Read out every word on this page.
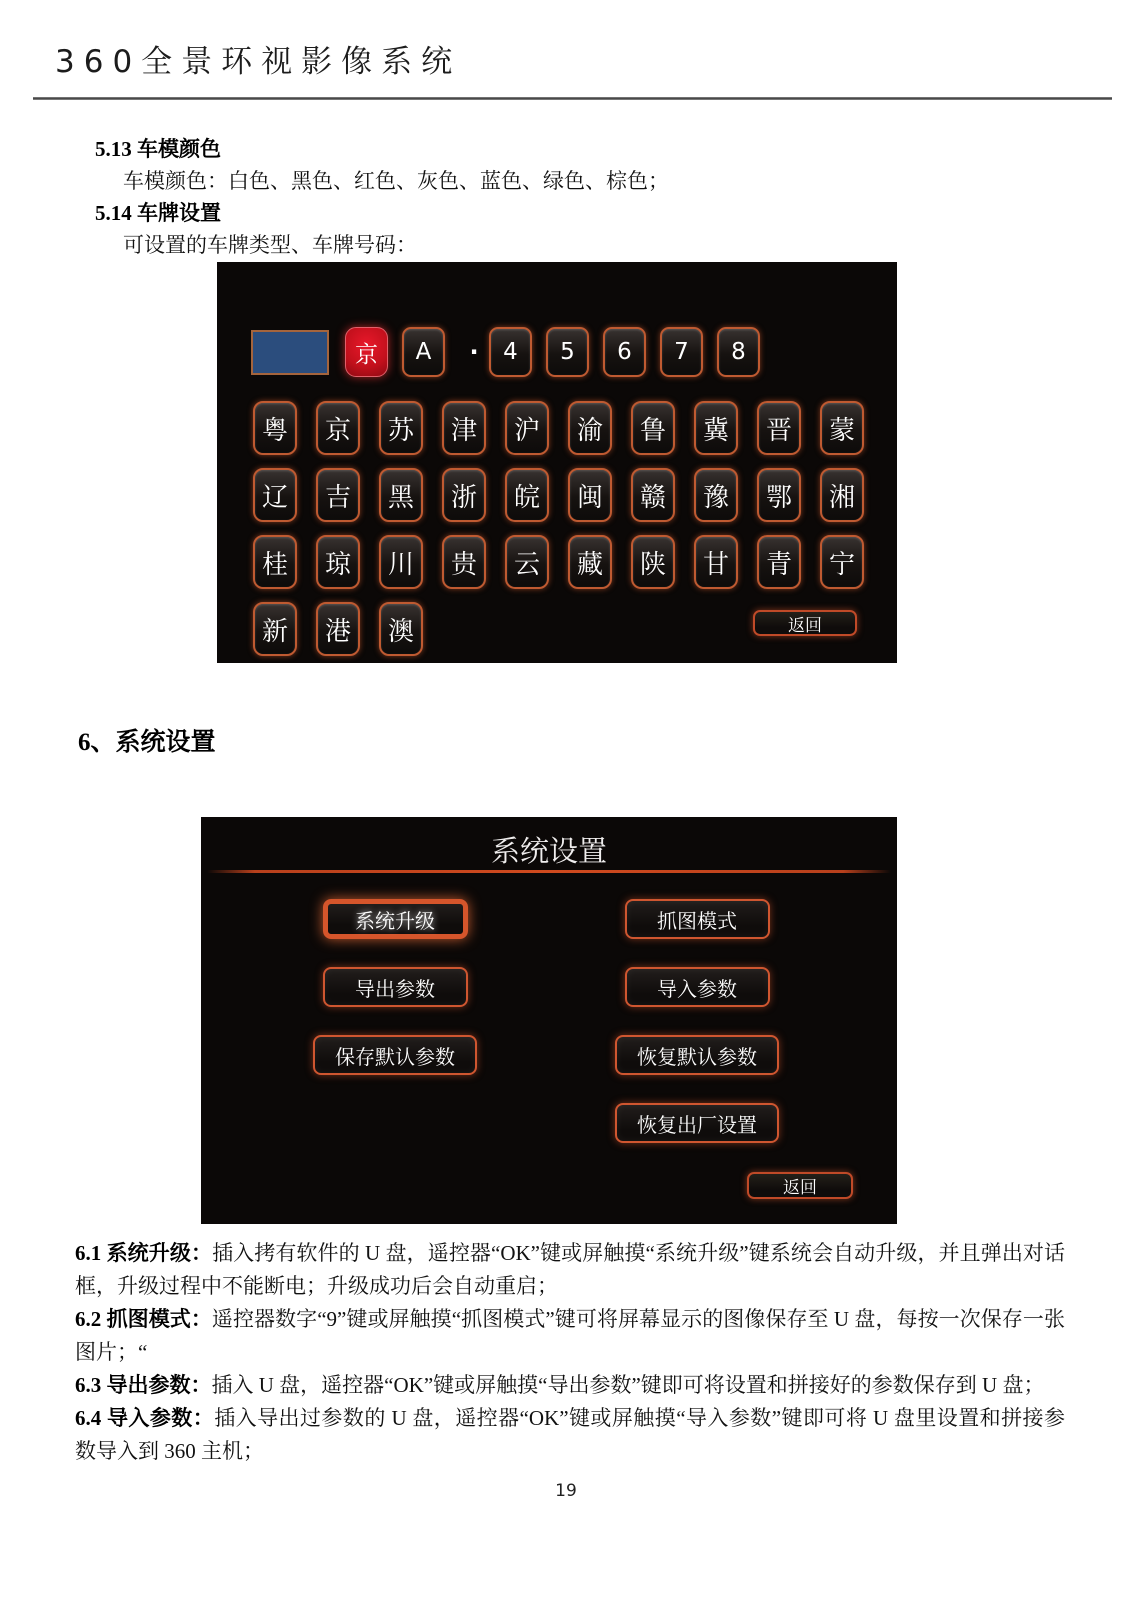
360全景环视影像系统
5.13 车模颜色
车模颜色：白色、黑色、红色、灰色、蓝色、绿色、棕色；
5.14 车牌设置
可设置的车牌类型、车牌号码：
京	A	·	4	5	6	7	8
粤	京	苏	津	沪	渝	鲁	冀	晋	蒙
辽	吉	黑	浙	皖	闽	赣	豫	鄂	湘
桂	琼	川	贵	云	藏	陕	甘	青	宁
新	港	澳	返回
6、系统设置
系统设置
系统升级
导出参数
保存默认参数
抓图模式
导入参数
恢复默认参数
恢复出厂设置
返回

6.1 系统升级：插入拷有软件的 U 盘，遥控器“OK”键或屏触摸“系统升级”键系统会自动升级，并且弹出对话框，升级过程中不能断电；升级成功后会自动重启；

6.2 抓图模式：遥控器数字“9”键或屏触摸“抓图模式”键可将屏幕显示的图像保存至 U 盘，每按一次保存一张图片；“

6.3 导出参数：插入 U 盘，遥控器“OK”键或屏触摸“导出参数”键即可将设置和拼接好的参数保存到 U 盘；

6.4 导入参数：插入导出过参数的 U 盘，遥控器“OK”键或屏触摸“导入参数”键即可将 U 盘里设置和拼接参数导入到 360 主机；

19
